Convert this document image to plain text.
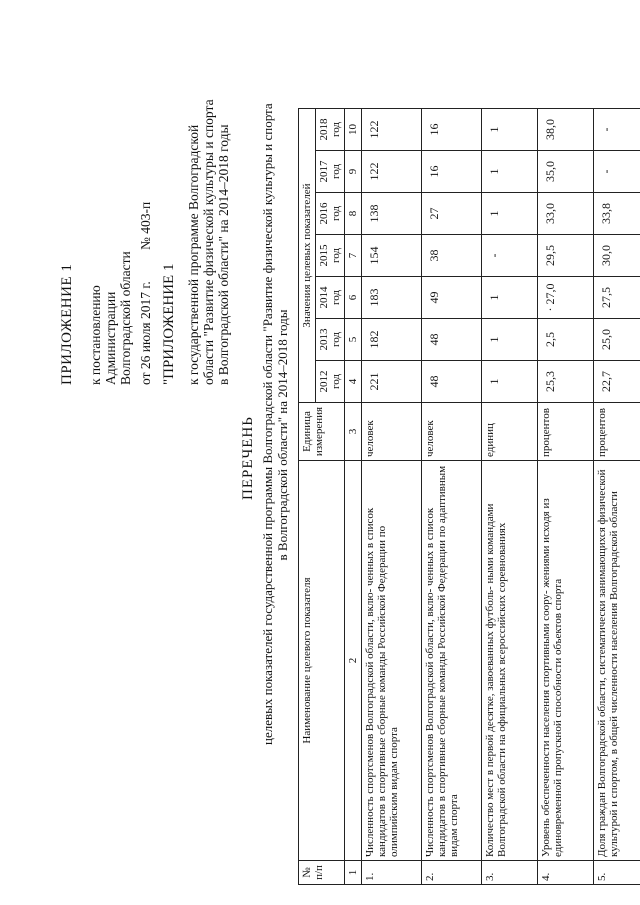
ПРИЛОЖЕНИЕ 1 к постановлению Администрации Волгоградской области от 26 июля 2017 г.
№ 403-п
"ПРИЛОЖЕНИЕ 1 к государственной программе Волгоградской области "Развитие физической культуры и спорта в Волгоградской области" на 2014–2018 годы
ПЕРЕЧЕНЬ целевых показателей государственной программы Волгоградской области "Развитие физической культуры и спорта в Волгоградской области" на 2014–2018 годы
№ п/п	Наименование целевого показателя	Единица измерения	Значения целевых показателей						
			2012 год	2013 год	2014 год	2015 год	2016 год	2017 год	2018 год
1	2	3	4	5	6	7	8	9	10
1.	Численность спортсменов Волгоградской области, вклю- ченных в список кандидатов в спортивные сборные команды Российской Федерации по олимпийским видам спорта	человек	221	182	183	154	138	122	122
2.	Численность спортсменов Волгоградской области, вклю- ченных в список кандидатов в спортивные сборные команды Российской Федерации по адаптивным видам спорта	человек	48	48	49	38	27	16	16
3.	Количество мест в первой десятке, завоеванных футболь- ными командами Волгоградской области на официальных всероссийских соревнованиях	единиц	1	1	1	-	1	1	1
4.	Уровень обеспеченности населения спортивными соору- жениями исходя из единовременной пропускной способности объектов спорта	процентов	25,3	2,5	· 27,0	29,5	33,0	35,0	38,0
5.	Доля граждан Волгоградской области, систематически занимающихся физической культурой и спортом, в общей численности населения Волгоградской области	процентов	22,7	25,0	27,5	30,0	33,8	-	-
